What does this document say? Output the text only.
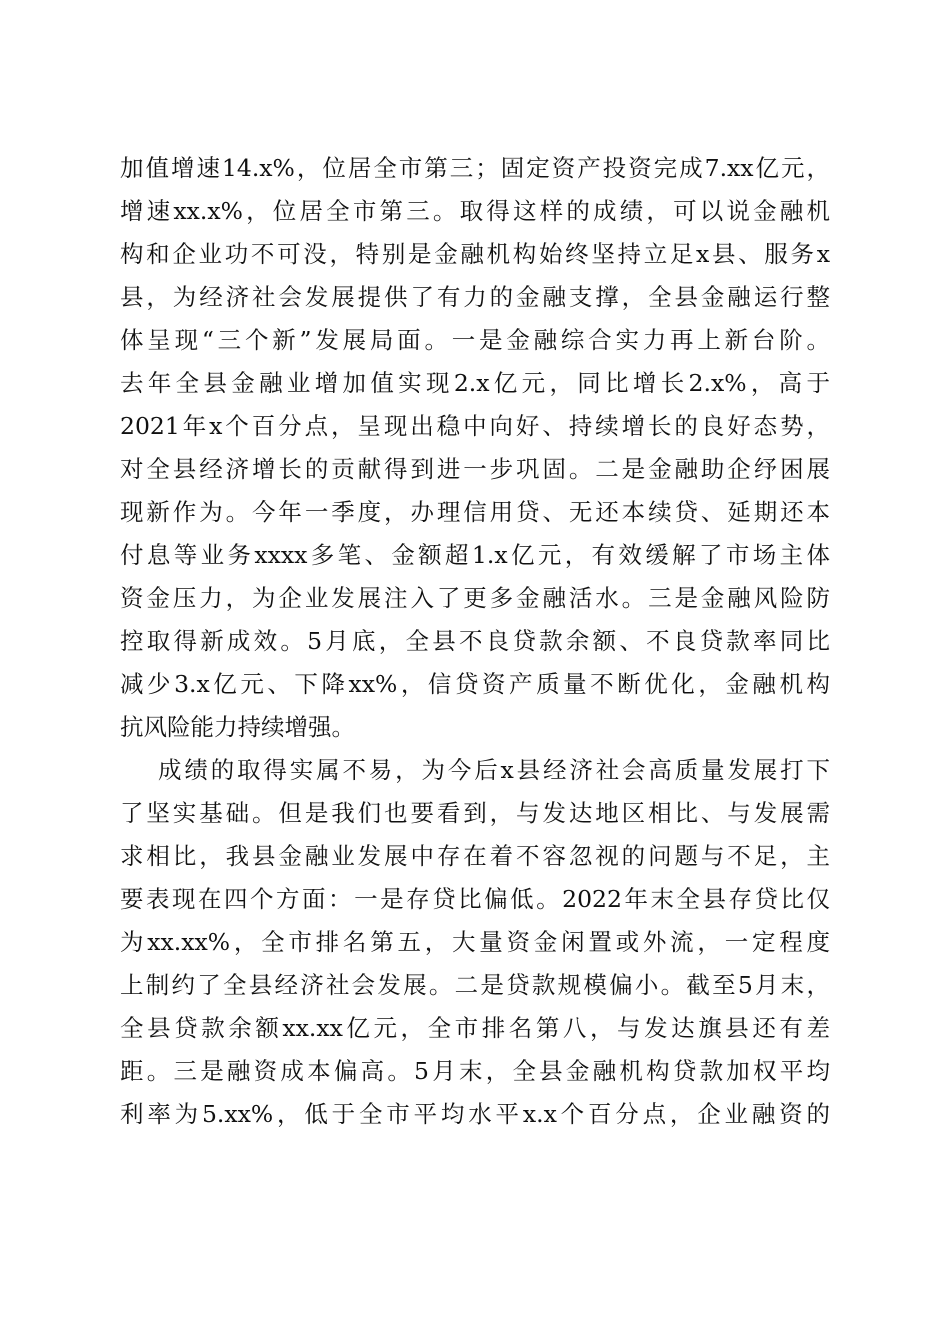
加值增速14.x%，位居全市第三；固定资产投资完成7.xx亿元，
增速xx.x%，位居全市第三。取得这样的成绩，可以说金融机
构和企业功不可没，特别是金融机构始终坚持立足x县、服务x
县，为经济社会发展提供了有力的金融支撑，全县金融运行整
体呈现“三个新”发展局面。一是金融综合实力再上新台阶。
去年全县金融业增加值实现2.x亿元，同比增长2.x%，高于
2021年x个百分点，呈现出稳中向好、持续增长的良好态势，
对全县经济增长的贡献得到进一步巩固。二是金融助企纾困展
现新作为。今年一季度，办理信用贷、无还本续贷、延期还本
付息等业务xxxx多笔、金额超1.x亿元，有效缓解了市场主体
资金压力，为企业发展注入了更多金融活水。三是金融风险防
控取得新成效。5月底，全县不良贷款余额、不良贷款率同比
减少3.x亿元、下降xx%，信贷资产质量不断优化，金融机构
抗风险能力持续增强。
成绩的取得实属不易，为今后x县经济社会高质量发展打下
了坚实基础。但是我们也要看到，与发达地区相比、与发展需
求相比，我县金融业发展中存在着不容忽视的问题与不足，主
要表现在四个方面：一是存贷比偏低。2022年末全县存贷比仅
为xx.xx%，全市排名第五，大量资金闲置或外流，一定程度
上制约了全县经济社会发展。二是贷款规模偏小。截至5月末，
全县贷款余额xx.xx亿元，全市排名第八，与发达旗县还有差
距。三是融资成本偏高。5月末，全县金融机构贷款加权平均
利率为5.xx%，低于全市平均水平x.x个百分点，企业融资的
